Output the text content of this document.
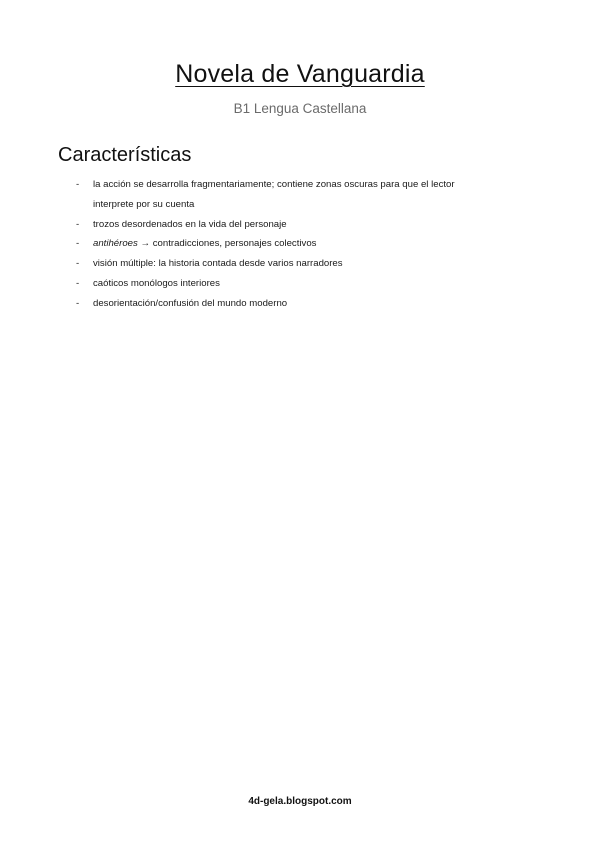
Novela de Vanguardia
B1 Lengua Castellana
Características
- la acción se desarrolla fragmentariamente; contiene zonas oscuras para que el lector interprete por su cuenta
- trozos desordenados en la vida del personaje
- antihéroes → contradicciones, personajes colectivos
- visión múltiple: la historia contada desde varios narradores
- caóticos monólogos interiores
- desorientación/confusión del mundo moderno
4d-gela.blogspot.com
